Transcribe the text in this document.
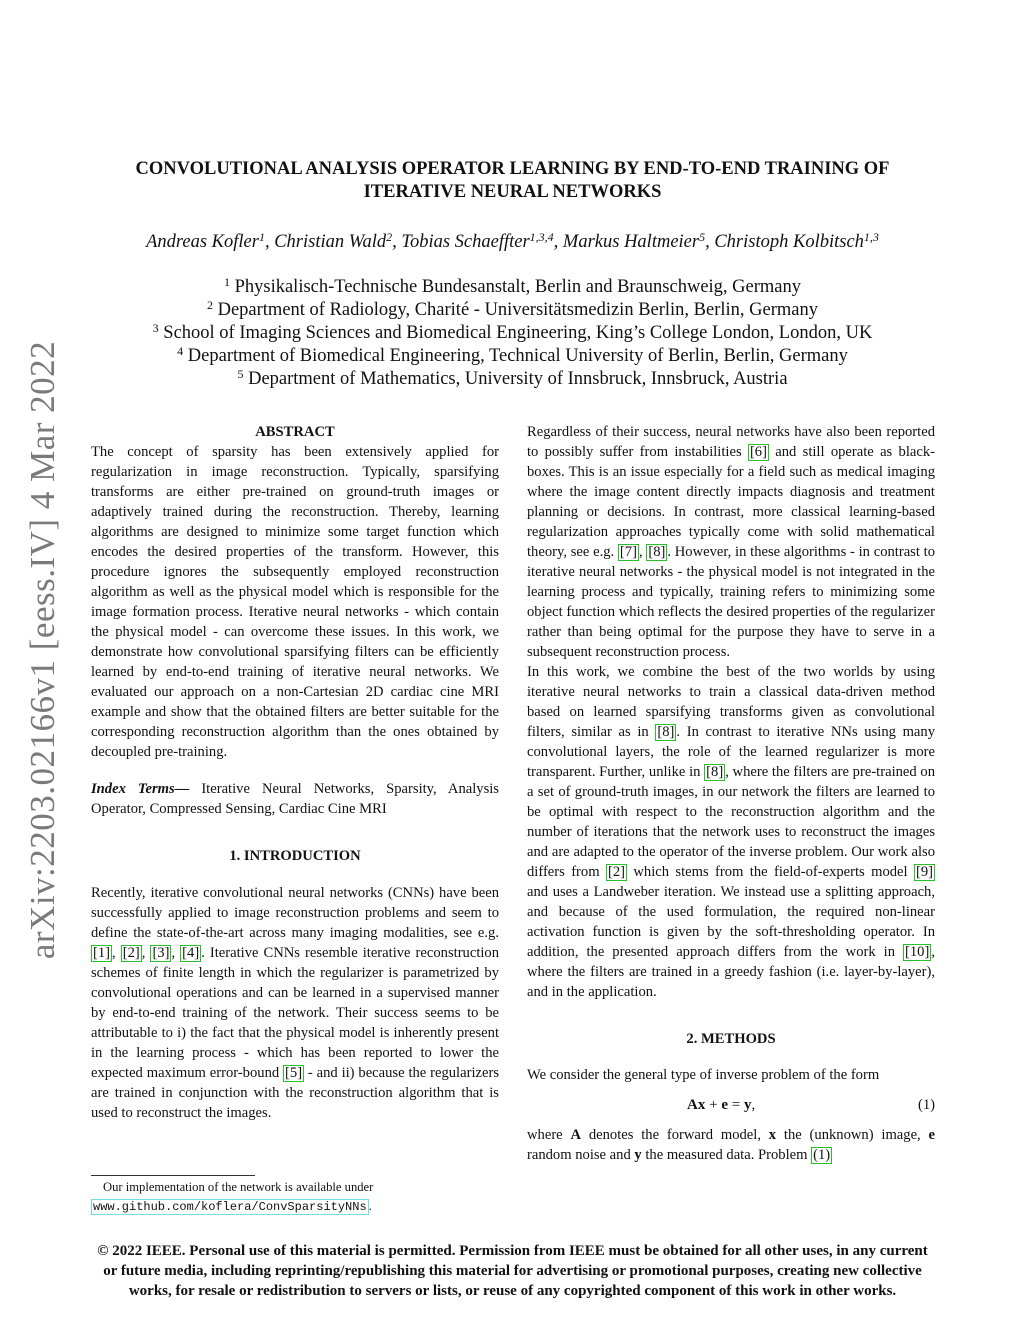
arXiv:2203.02166v1 [eess.IV] 4 Mar 2022
CONVOLUTIONAL ANALYSIS OPERATOR LEARNING BY END-TO-END TRAINING OF ITERATIVE NEURAL NETWORKS
Andreas Kofler$^1$, Christian Wald$^2$, Tobias Schaeffter$^{1,3,4}$, Markus Haltmeier$^5$, Christoph Kolbitsch$^{1,3}$
$^1$ Physikalisch-Technische Bundesanstalt, Berlin and Braunschweig, Germany
$^2$ Department of Radiology, Charité - Universitätsmedizin Berlin, Berlin, Germany
$^3$ School of Imaging Sciences and Biomedical Engineering, King’s College London, London, UK
$^4$ Department of Biomedical Engineering, Technical University of Berlin, Berlin, Germany
$^5$ Department of Mathematics, University of Innsbruck, Innsbruck, Austria

ABSTRACT

The concept of sparsity has been extensively applied for regularization in image reconstruction. Typically, sparsifying transforms are either pre-trained on ground-truth images or adaptively trained during the reconstruction. Thereby, learning algorithms are designed to minimize some target function which encodes the desired properties of the transform. However, this procedure ignores the subsequently employed reconstruction algorithm as well as the physical model which is responsible for the image formation process. Iterative neural networks - which contain the physical model - can overcome these issues. In this work, we demonstrate how convolutional sparsifying filters can be efficiently learned by end-to-end training of iterative neural networks. We evaluated our approach on a non-Cartesian 2D cardiac cine MRI example and show that the obtained filters are better suitable for the corresponding reconstruction algorithm than the ones obtained by decoupled pre-training.

Index Terms— Iterative Neural Networks, Sparsity, Analysis Operator, Compressed Sensing, Cardiac Cine MRI

1. INTRODUCTION

Recently, iterative convolutional neural networks (CNNs) have been successfully applied to image reconstruction problems and seem to define the state-of-the-art across many imaging modalities, see e.g. [1] , [2] , [3] , [4] . Iterative CNNs resemble iterative reconstruction schemes of finite length in which the regularizer is parametrized by convolutional operations and can be learned in a supervised manner by end-to-end training of the network. Their success seems to be attributable to i) the fact that the physical model is inherently present in the learning process - which has been reported to lower the expected maximum error-bound [5] - and ii) because the regularizers are trained in conjunction with the reconstruction algorithm that is used to reconstruct the images.

Our implementation of the network is available under www.github.com/koflera/ConvSparsityNNs .

Regardless of their success, neural networks have also been reported to possibly suffer from instabilities [6] and still operate as black-boxes. This is an issue especially for a field such as medical imaging where the image content directly impacts diagnosis and treatment planning or decisions. In contrast, more classical learning-based regularization approaches typically come with solid mathematical theory, see e.g. [7] , [8] . However, in these algorithms - in contrast to iterative neural networks - the physical model is not integrated in the learning process and typically, training refers to minimizing some object function which reflects the desired properties of the regularizer rather than being optimal for the purpose they have to serve in a subsequent reconstruction process.

In this work, we combine the best of the two worlds by using iterative neural networks to train a classical data-driven method based on learned sparsifying transforms given as convolutional filters, similar as in [8] . In contrast to iterative NNs using many convolutional layers, the role of the learned regularizer is more transparent. Further, unlike in [8] , where the filters are pre-trained on a set of ground-truth images, in our network the filters are learned to be optimal with respect to the reconstruction algorithm and the number of iterations that the network uses to reconstruct the images and are adapted to the operator of the inverse problem. Our work also differs from [2] which stems from the field-of-experts model [9] and uses a Landweber iteration. We instead use a splitting approach, and because of the used formulation, the required non-linear activation function is given by the soft-thresholding operator. In addition, the presented approach differs from the work in [10] , where the filters are trained in a greedy fashion (i.e. layer-by-layer), and in the application.

2. METHODS

We consider the general type of inverse problem of the form

Ax + e = y,	(1)

where A denotes the forward model, x the (unknown) image, e random noise and y the measured data. Problem (1)

© 2022 IEEE. Personal use of this material is permitted. Permission from IEEE must be obtained for all other uses, in any current or future media, including reprinting/republishing this material for advertising or promotional purposes, creating new collective works, for resale or redistribution to servers or lists, or reuse of any copyrighted component of this work in other works.
